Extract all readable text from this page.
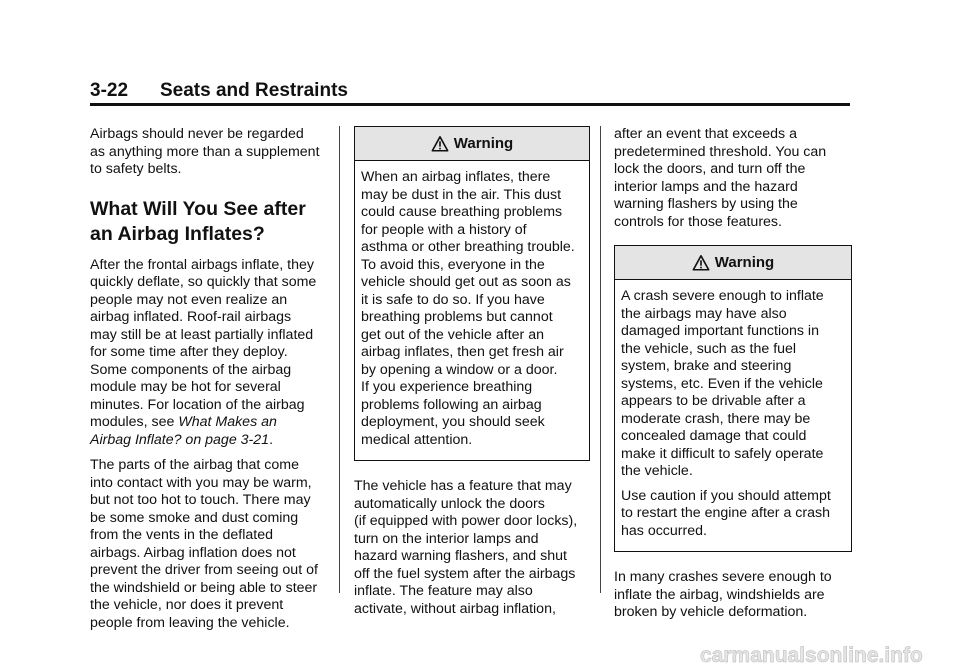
3-22 Seats and Restraints

Airbags should never be regarded
as anything more than a supplement
to safety belts.

What Will You See after
an Airbag Inflates?

After the frontal airbags inflate, they
quickly deflate, so quickly that some
people may not even realize an
airbag inflated. Roof-rail airbags
may still be at least partially inflated
for some time after they deploy.
Some components of the airbag
module may be hot for several
minutes. For location of the airbag
modules, see What Makes an
Airbag Inflate? on page 3-21.

The parts of the airbag that come
into contact with you may be warm,
but not too hot to touch. There may
be some smoke and dust coming
from the vents in the deflated
airbags. Airbag inflation does not
prevent the driver from seeing out of
the windshield or being able to steer
the vehicle, nor does it prevent
people from leaving the vehicle.

Warning

When an airbag inflates, there
may be dust in the air. This dust
could cause breathing problems
for people with a history of
asthma or other breathing trouble.
To avoid this, everyone in the
vehicle should get out as soon as
it is safe to do so. If you have
breathing problems but cannot
get out of the vehicle after an
airbag inflates, then get fresh air
by opening a window or a door.
If you experience breathing
problems following an airbag
deployment, you should seek
medical attention.

The vehicle has a feature that may
automatically unlock the doors
(if equipped with power door locks),
turn on the interior lamps and
hazard warning flashers, and shut
off the fuel system after the airbags
inflate. The feature may also
activate, without airbag inflation,

after an event that exceeds a
predetermined threshold. You can
lock the doors, and turn off the
interior lamps and the hazard
warning flashers by using the
controls for those features.

Warning

A crash severe enough to inflate
the airbags may have also
damaged important functions in
the vehicle, such as the fuel
system, brake and steering
systems, etc. Even if the vehicle
appears to be drivable after a
moderate crash, there may be
concealed damage that could
make it difficult to safely operate
the vehicle.

Use caution if you should attempt
to restart the engine after a crash
has occurred.

In many crashes severe enough to
inflate the airbag, windshields are
broken by vehicle deformation.

carmanualsonline.info
